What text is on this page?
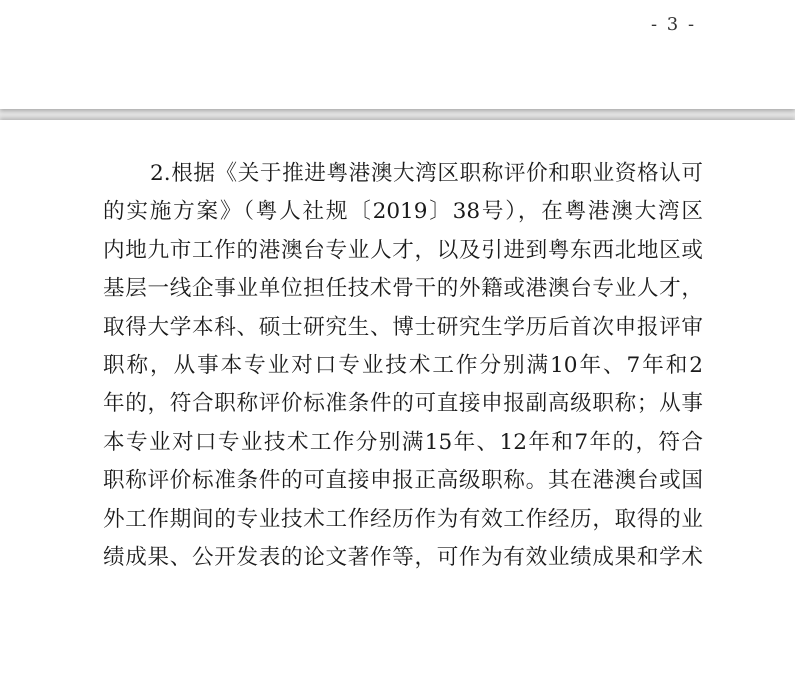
- 3 -
2.根据《关于推进粤港澳大湾区职称评价和职业资格认可
的实施方案》（粤人社规〔2019〕38号），在粤港澳大湾区
内地九市工作的港澳台专业人才，以及引进到粤东西北地区或
基层一线企事业单位担任技术骨干的外籍或港澳台专业人才，
取得大学本科、硕士研究生、博士研究生学历后首次申报评审
职称，从事本专业对口专业技术工作分别满10年、7年和2
年的，符合职称评价标准条件的可直接申报副高级职称；从事
本专业对口专业技术工作分别满15年、12年和7年的，符合
职称评价标准条件的可直接申报正高级职称。其在港澳台或国
外工作期间的专业技术工作经历作为有效工作经历，取得的业
绩成果、公开发表的论文著作等，可作为有效业绩成果和学术
